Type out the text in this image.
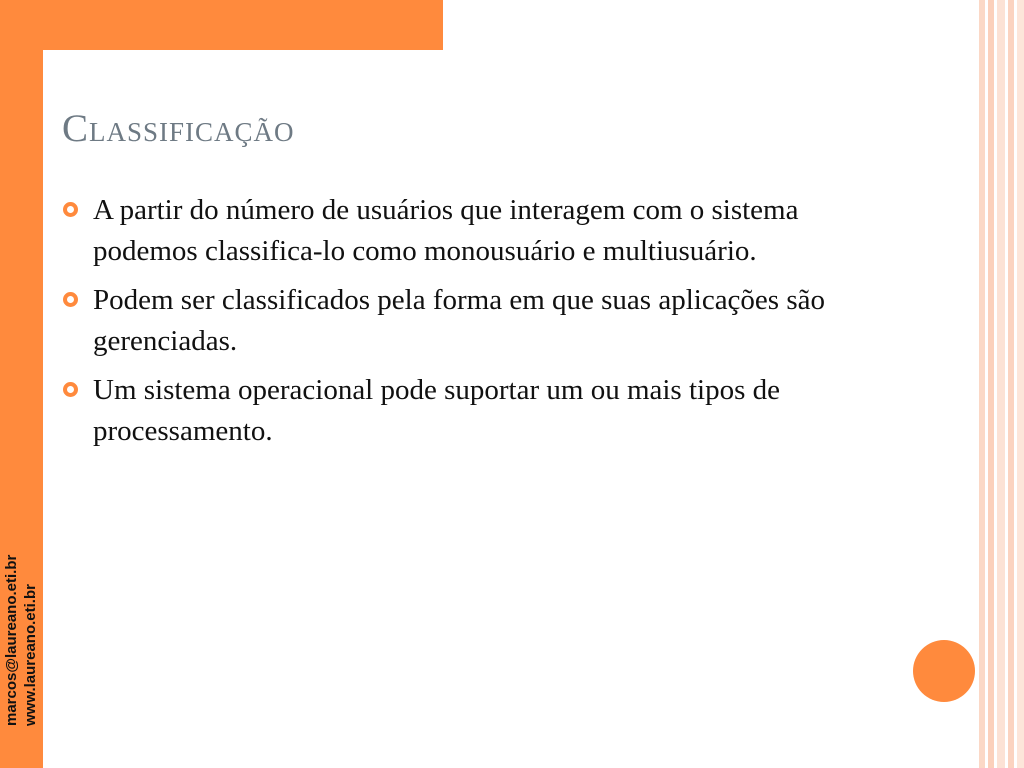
Classificação
A partir do número de usuários que interagem com o sistema podemos classifica-lo como monousuário e multiusuário.
Podem ser classificados pela forma em que suas aplicações são gerenciadas.
Um sistema operacional pode suportar um ou mais tipos de processamento.
marcos@laureano.eti.br www.laureano.eti.br
